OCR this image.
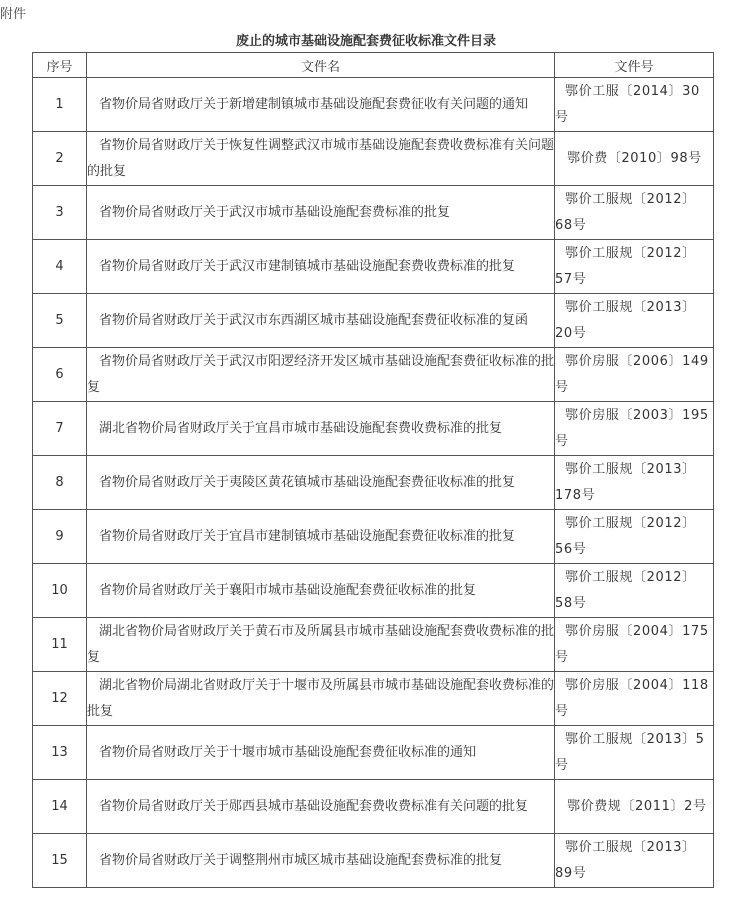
附件
废止的城市基础设施配套费征收标准文件目录
序号	文件名	文件号
1	省物价局省财政厅关于新增建制镇城市基础设施配套费征收有关问题的通知	鄂价工服〔2014〕30号
2	省物价局省财政厅关于恢复性调整武汉市城市基础设施配套费收费标准有关问题的批复	鄂价费〔2010〕98号
3	省物价局省财政厅关于武汉市城市基础设施配套费标准的批复	鄂价工服规〔2012〕68号
4	省物价局省财政厅关于武汉市建制镇城市基础设施配套费收费标准的批复	鄂价工服规〔2012〕57号
5	省物价局省财政厅关于武汉市东西湖区城市基础设施配套费征收标准的复函	鄂价工服规〔2013〕20号
6	省物价局省财政厅关于武汉市阳逻经济开发区城市基础设施配套费征收标准的批复	鄂价房服〔2006〕149号
7	湖北省物价局省财政厅关于宜昌市城市基础设施配套费收费标准的批复	鄂价房服〔2003〕195号
8	省物价局省财政厅关于夷陵区黄花镇城市基础设施配套费征收标准的批复	鄂价工服规〔2013〕178号
9	省物价局省财政厅关于宜昌市建制镇城市基础设施配套费征收标准的批复	鄂价工服规〔2012〕56号
10	省物价局省财政厅关于襄阳市城市基础设施配套费征收标准的批复	鄂价工服规〔2012〕58号
11	湖北省物价局省财政厅关于黄石市及所属县市城市基础设施配套费收费标准的批复	鄂价房服〔2004〕175号
12	湖北省物价局湖北省财政厅关于十堰市及所属县市城市基础设施配套收费标准的批复	鄂价房服〔2004〕118号
13	省物价局省财政厅关于十堰市城市基础设施配套费征收标准的通知	鄂价工服规〔2013〕5号
14	省物价局省财政厅关于郧西县城市基础设施配套费收费标准有关问题的批复	鄂价费规〔2011〕2号
15	省物价局省财政厅关于调整荆州市城区城市基础设施配套费标准的批复	鄂价工服规〔2013〕89号
